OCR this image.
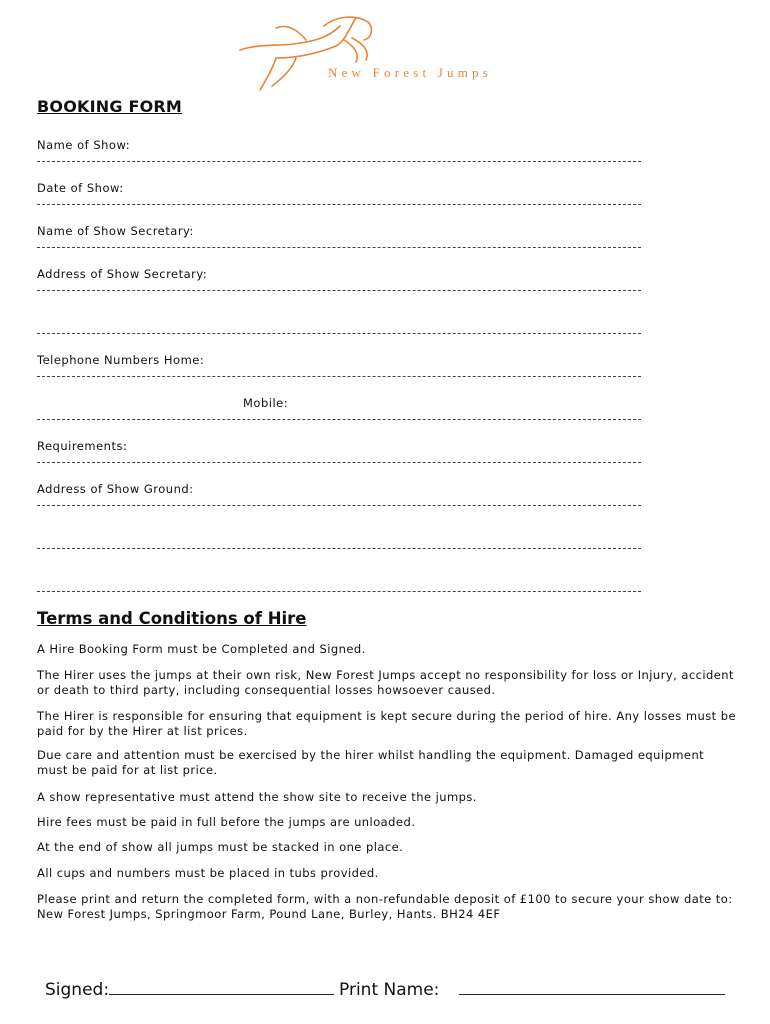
New Forest Jumps
BOOKING FORM
Name of Show:
Date of Show:
Name of Show Secretary:
Address of Show Secretary:
Telephone Numbers Home:
Mobile:
Requirements:
Address of Show Ground:
Terms and Conditions of Hire
A Hire Booking Form must be Completed and Signed.
The Hirer uses the jumps at their own risk, New Forest Jumps accept no responsibility for loss or Injury, accident or death to third party, including consequential losses howsoever caused.
The Hirer is responsible for ensuring that equipment is kept secure during the period of hire. Any losses must be paid for by the Hirer at list prices.
Due care and attention must be exercised by the hirer whilst handling the equipment. Damaged equipment must be paid for at list price.
A show representative must attend the show site to receive the jumps.
Hire fees must be paid in full before the jumps are unloaded.
At the end of show all jumps must be stacked in one place.
All cups and numbers must be placed in tubs provided.
Please print and return the completed form, with a non-refundable deposit of £100 to secure your show date to: New Forest Jumps, Springmoor Farm, Pound Lane, Burley, Hants. BH24 4EF
Signed:	Print Name:
